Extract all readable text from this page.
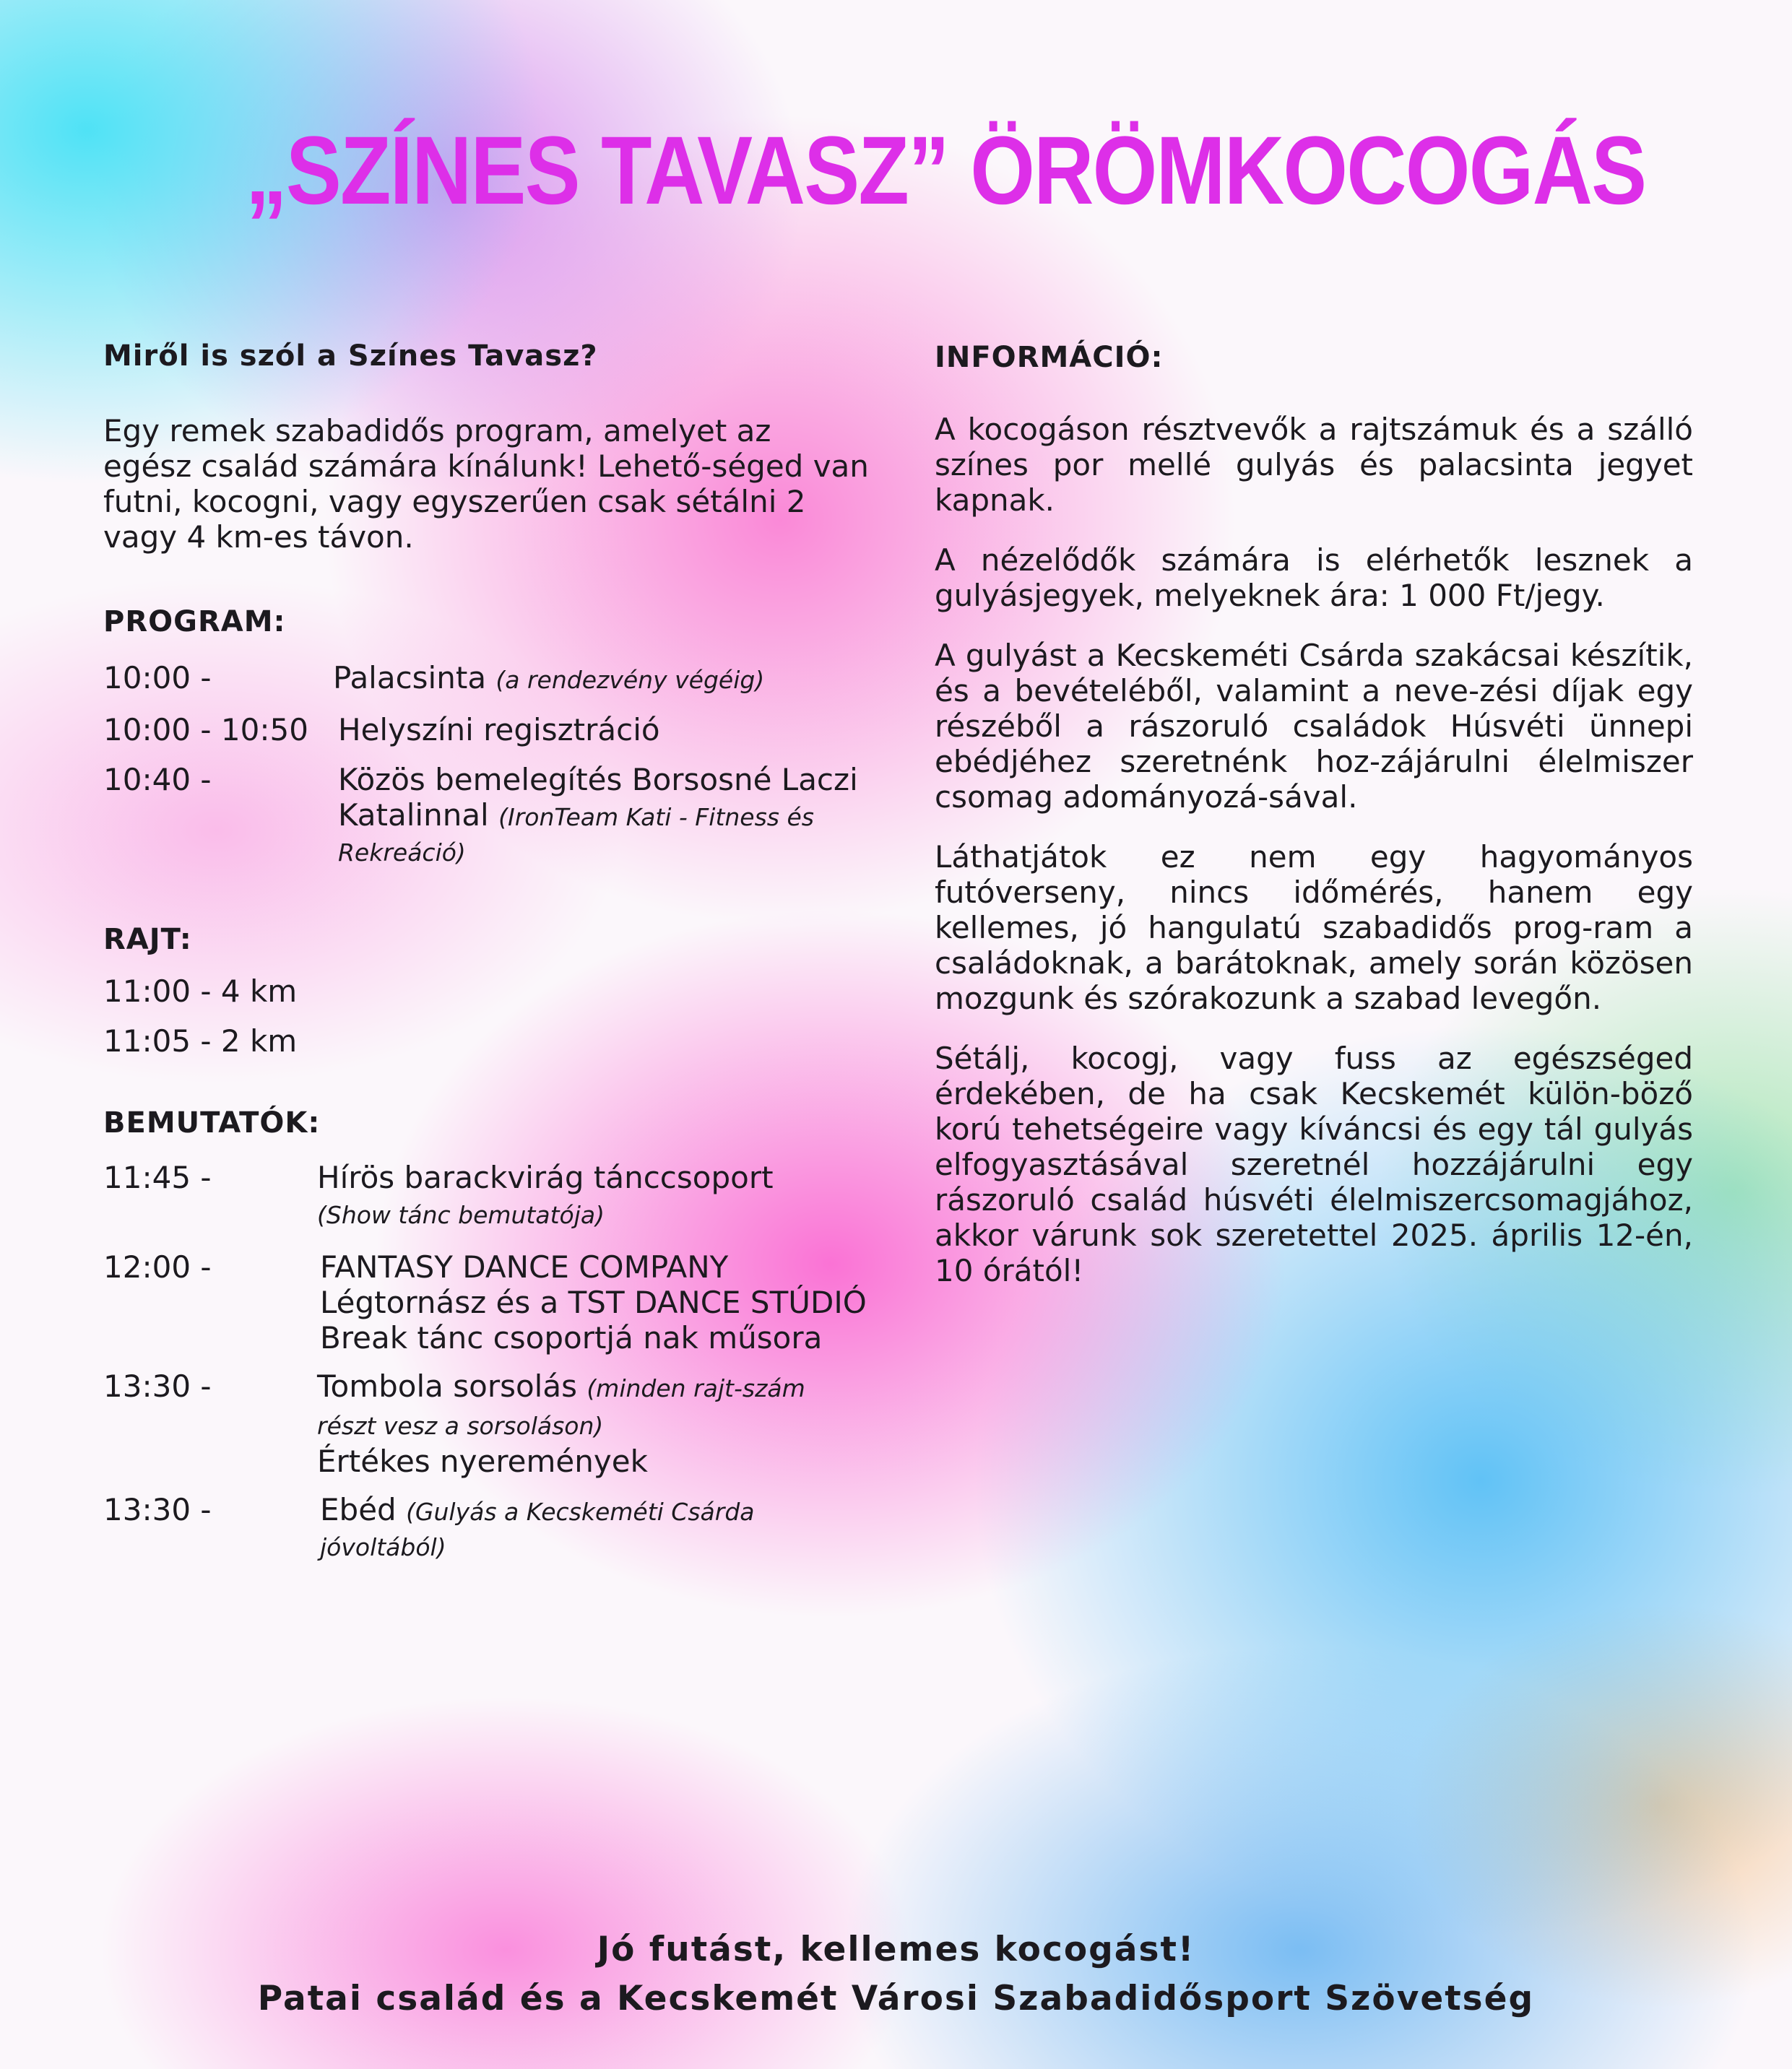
„SZÍNES TAVASZ” ÖRÖMKOCOGÁS
Miről is szól a Színes Tavasz?

Egy remek szabadidős program, amelyet az egész család számára kínálunk! Lehető-séged van futni, kocogni, vagy egyszerűen csak sétálni 2 vagy 4 km-es távon.

PROGRAM:
10:00 -	Palacsinta (a rendezvény végéig)
10:00 - 10:50 Helyszíni regisztráció
10:40 -	Közös bemelegítés Borsosné Laczi Katalinnal (IronTeam Kati - Fitness és Rekreáció)
RAJT:
11:00 - 4 km
11:05 - 2 km
BEMUTATÓK:
11:45 -	Hírös barackvirág tánccsoport
(Show tánc bemutatója)
12:00 -	FANTASY DANCE COMPANY Légtornász és a TST DANCE STÚDIÓ Break tánc csoportjá nak műsora
13:30 -	Tombola sorsolás (minden rajt-szám részt vesz a sorsoláson)
Értékes nyeremények
13:30 -	Ebéd (Gulyás a Kecskeméti Csárda jóvoltából)
INFORMÁCIÓ:

A kocogáson résztvevők a rajtszámuk és a szálló színes por mellé gulyás és palacsinta jegyet kapnak.

A nézelődők számára is elérhetők lesznek a gulyásjegyek, melyeknek ára: 1 000 Ft/jegy.

A gulyást a Kecskeméti Csárda szakácsai készítik, és a bevételéből, valamint a neve-zési díjak egy részéből a rászoruló családok Húsvéti ünnepi ebédjéhez szeretnénk hoz-zájárulni élelmiszer csomag adományozá-sával.

Láthatjátok ez nem egy hagyományos futóverseny, nincs időmérés, hanem egy kellemes, jó hangulatú szabadidős prog-ram a családoknak, a barátoknak, amely során közösen mozgunk és szórakozunk a szabad levegőn.

Sétálj, kocogj, vagy fuss az egészséged érdekében, de ha csak Kecskemét külön-böző korú tehetségeire vagy kíváncsi és egy tál gulyás elfogyasztásával szeretnél hozzájárulni egy rászoruló család húsvéti élelmiszercsomagjához, akkor várunk sok szeretettel 2025. április 12-én, 10 órától!

Jó futást, kellemes kocogást!
Patai család és a Kecskemét Városi Szabadidősport Szövetség
